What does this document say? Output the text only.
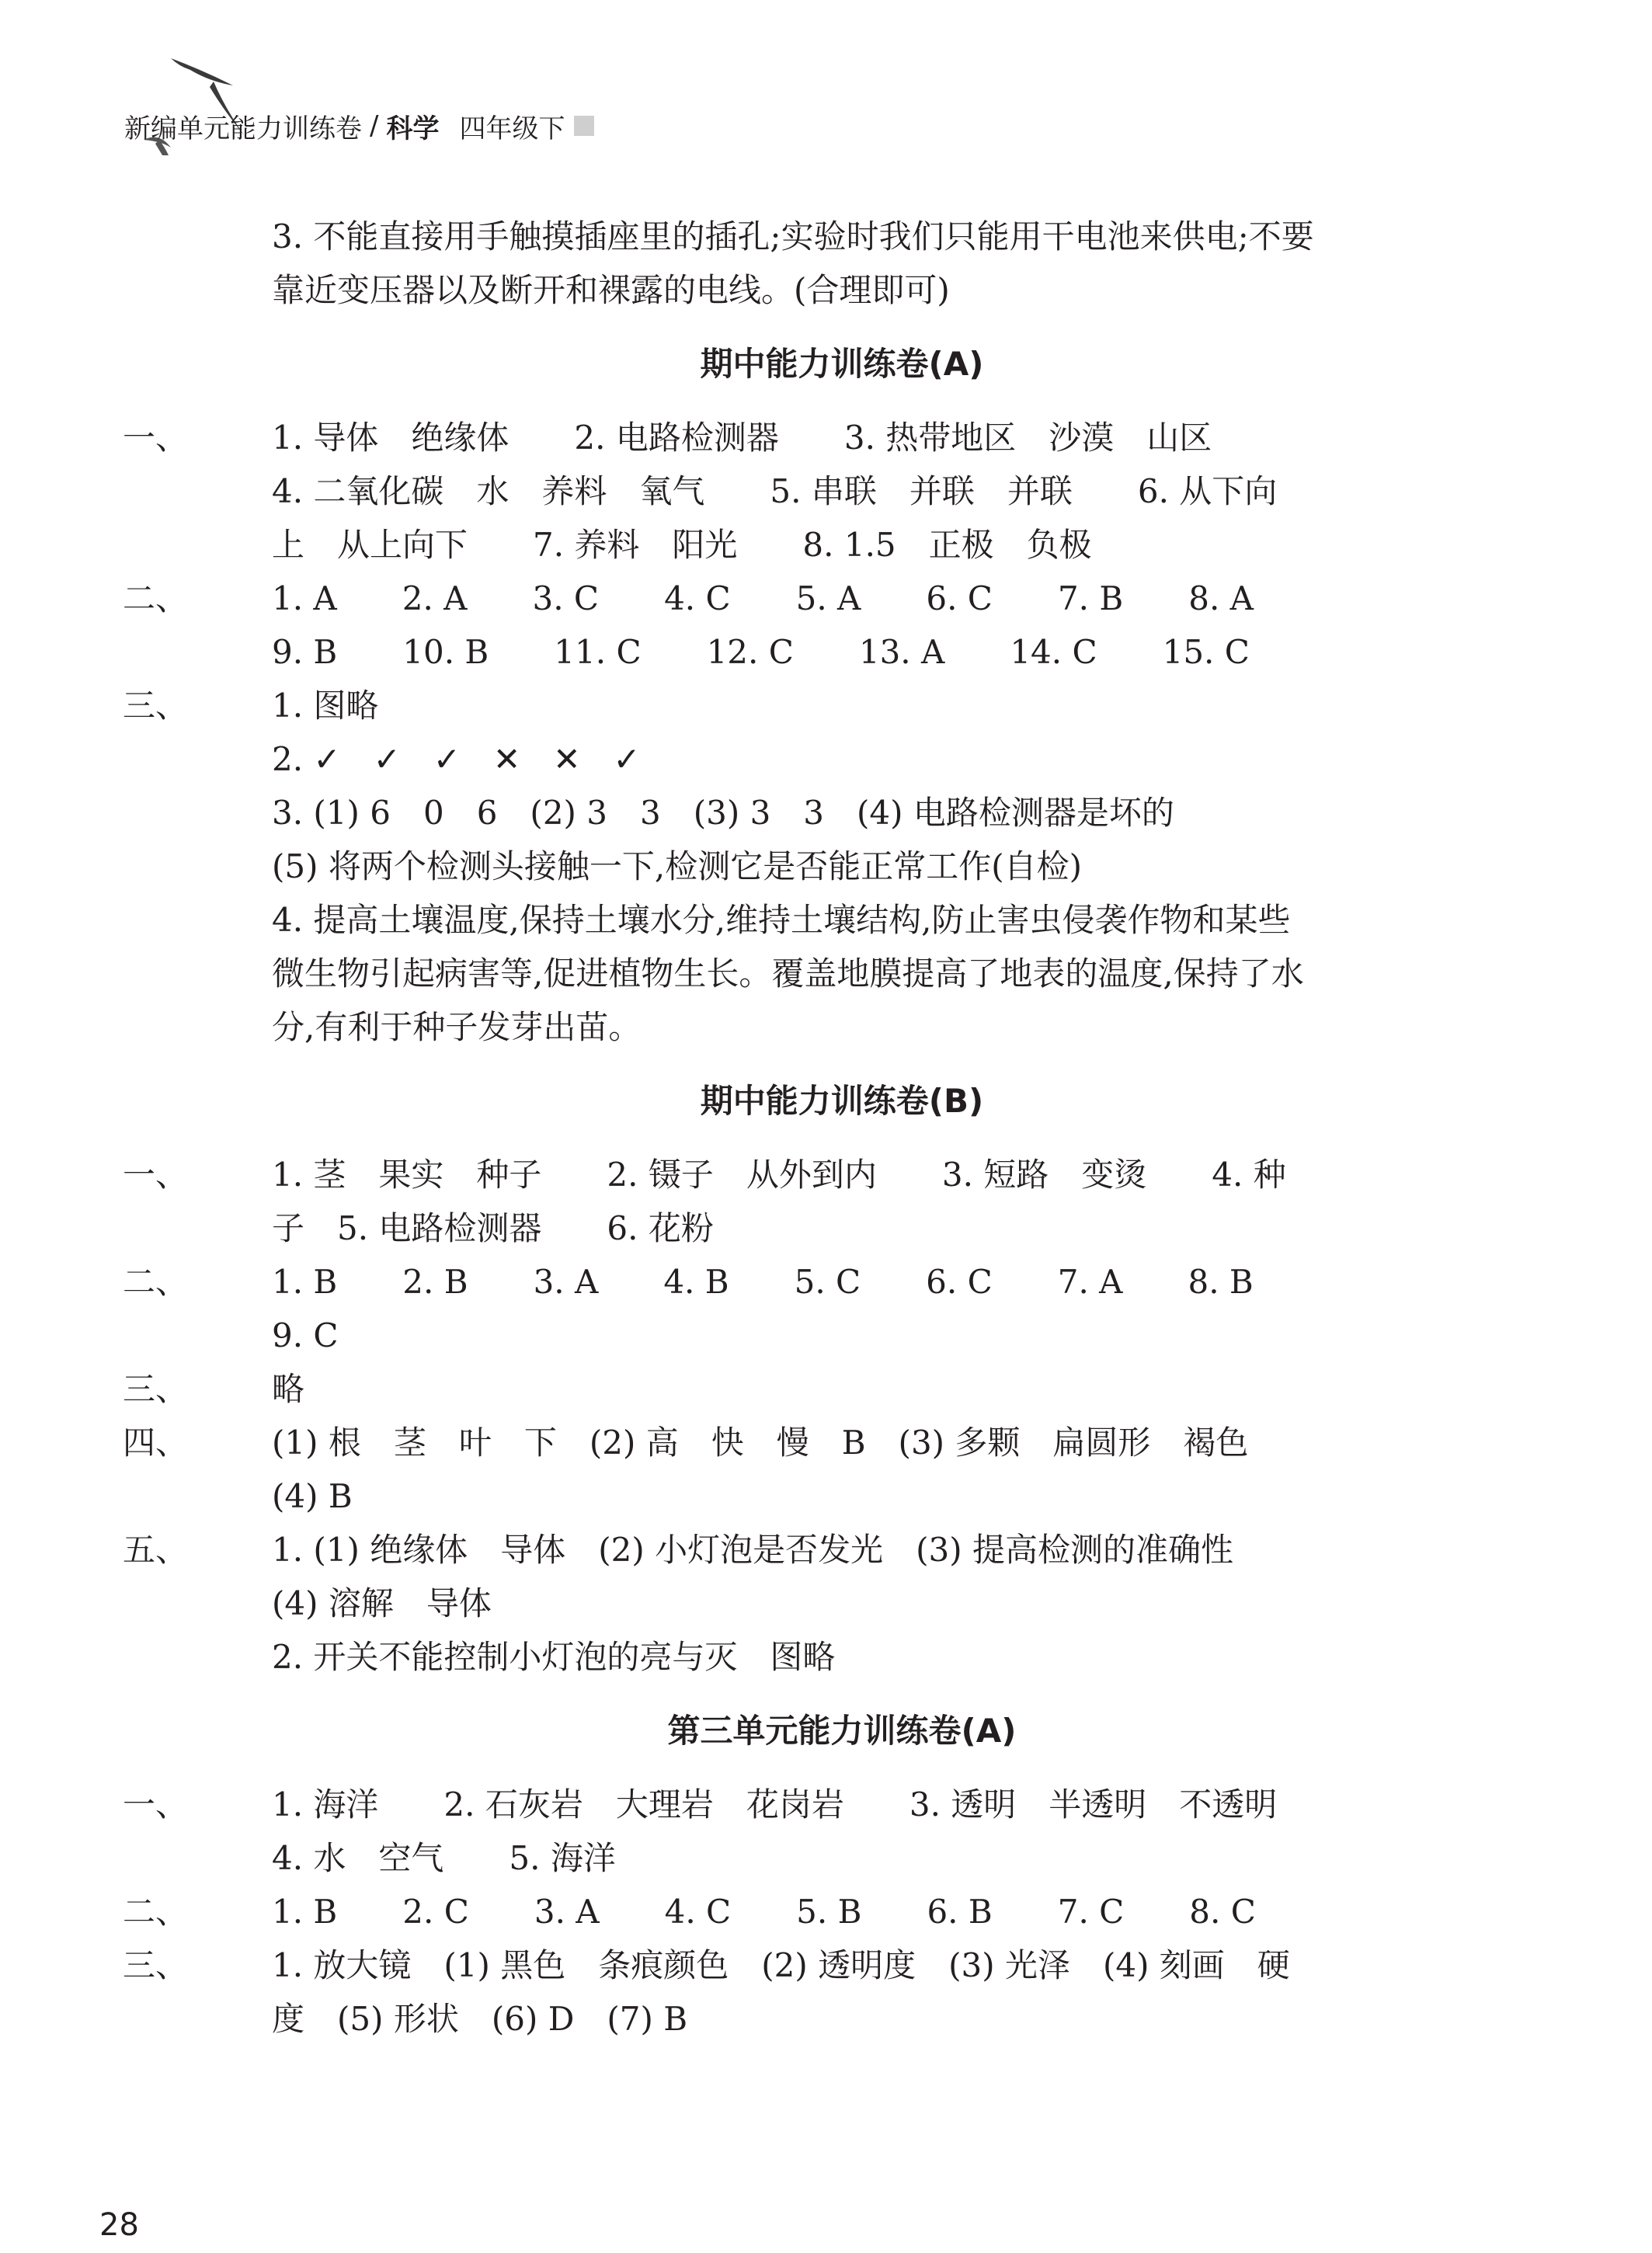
新编单元能力训练卷 / 科学 四年级下
3. 不能直接用手触摸插座里的插孔;实验时我们只能用干电池来供电;不要
靠近变压器以及断开和裸露的电线。(合理即可)
期中能力训练卷(A)
一、	1. 导体　绝缘体　　2. 电路检测器　　3. 热带地区　沙漠　山区
4. 二氧化碳　水　养料　氧气　　5. 串联　并联　并联　　6. 从下向
上　从上向下　　7. 养料　阳光　　8. 1.5　正极　负极
二、	1. A　　2. A　　3. C　　4. C　　5. A　　6. C　　7. B　　8. A
9. B　　10. B　　11. C　　12. C　　13. A　　14. C　　15. C
三、	1. 图略
2. ✓　✓　✓　✕　✕　✓
3. (1) 6　0　6　(2) 3　3　(3) 3　3　(4) 电路检测器是坏的
(5) 将两个检测头接触一下,检测它是否能正常工作(自检)
4. 提高土壤温度,保持土壤水分,维持土壤结构,防止害虫侵袭作物和某些
微生物引起病害等,促进植物生长。覆盖地膜提高了地表的温度,保持了水
分,有利于种子发芽出苗。
期中能力训练卷(B)
一、	1. 茎　果实　种子　　2. 镊子　从外到内　　3. 短路　变烫　　4. 种
子　5. 电路检测器　　6. 花粉
二、	1. B　　2. B　　3. A　　4. B　　5. C　　6. C　　7. A　　8. B
9. C
三、	略
四、	(1) 根　茎　叶　下　(2) 高　快　慢　B　(3) 多颗　扁圆形　褐色
(4) B
五、	1. (1) 绝缘体　导体　(2) 小灯泡是否发光　(3) 提高检测的准确性
(4) 溶解　导体
2. 开关不能控制小灯泡的亮与灭　图略
第三单元能力训练卷(A)
一、	1. 海洋　　2. 石灰岩　大理岩　花岗岩　　3. 透明　半透明　不透明
4. 水　空气　　5. 海洋
二、	1. B　　2. C　　3. A　　4. C　　5. B　　6. B　　7. C　　8. C
三、	1. 放大镜　(1) 黑色　条痕颜色　(2) 透明度　(3) 光泽　(4) 刻画　硬
度　(5) 形状　(6) D　(7) B
28
